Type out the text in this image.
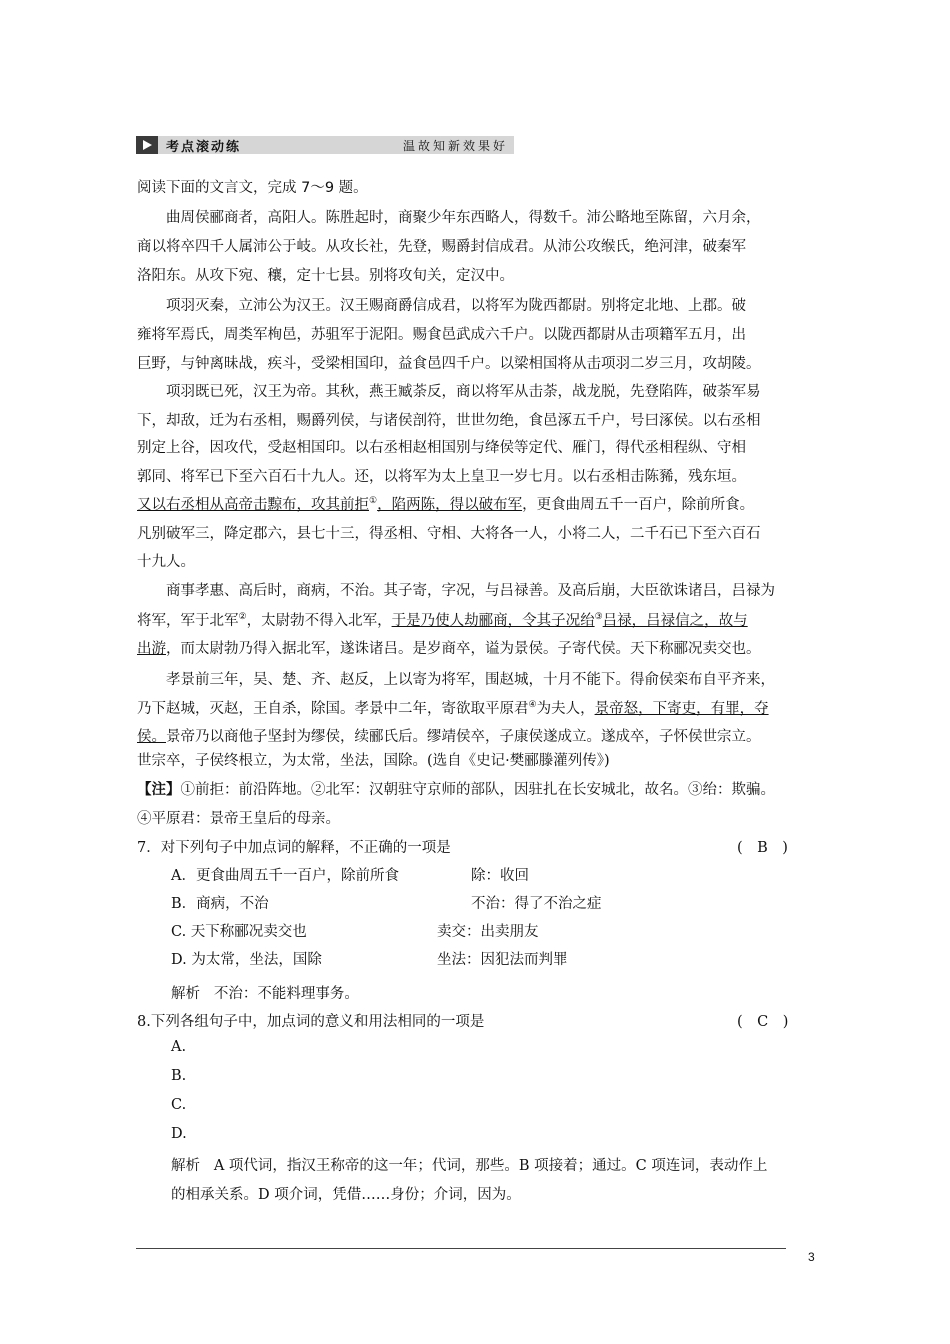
考点滚动练	温故知新效果好
阅读下面的文言文，完成 7～9 题。
　　曲周侯郦商者，高阳人。陈胜起时，商聚少年东西略人，得数千。沛公略地至陈留，六月余，
商以将卒四千人属沛公于岐。从攻长社，先登，赐爵封信成君。从沛公攻缑氏，绝河津，破秦军
洛阳东。从攻下宛、穰，定十七县。别将攻旬关，定汉中。
　　项羽灭秦，立沛公为汉王。汉王赐商爵信成君，以将军为陇西都尉。别将定北地、上郡。破
雍将军焉氏，周类军栒邑，苏驵军于泥阳。赐食邑武成六千户。以陇西都尉从击项籍军五月，出
巨野，与钟离昧战，疾斗，受梁相国印，益食邑四千户。以梁相国将从击项羽二岁三月，攻胡陵。
　　项羽既已死，汉王为帝。其秋，燕王臧荼反，商以将军从击荼，战龙脱，先登陷阵，破荼军易
下，却敌，迁为右丞相，赐爵列侯，与诸侯剖符，世世勿绝，食邑涿五千户，号曰涿侯。以右丞相
别定上谷，因攻代，受赵相国印。以右丞相赵相国别与绛侯等定代、雁门，得代丞相程纵、守相
郭同、将军已下至六百石十九人。还，以将军为太上皇卫一岁七月。以右丞相击陈豨，残东垣。
又以右丞相从高帝击黥布，攻其前拒①，陷两陈，得以破布军，更食曲周五千一百户，除前所食。
凡别破军三，降定郡六，县七十三，得丞相、守相、大将各一人，小将二人，二千石已下至六百石
十九人。
　　商事孝惠、高后时，商病，不治。其子寄，字况，与吕禄善。及高后崩，大臣欲诛诸吕，吕禄为
将军，军于北军②，太尉勃不得入北军，于是乃使人劫郦商，令其子况绐③吕禄，吕禄信之，故与
出游，而太尉勃乃得入据北军，遂诛诸吕。是岁商卒，谥为景侯。子寄代侯。天下称郦况卖交也。
　　孝景前三年，吴、楚、齐、赵反，上以寄为将军，围赵城，十月不能下。得俞侯栾布自平齐来，
乃下赵城，灭赵，王自杀，除国。孝景中二年，寄欲取平原君④为夫人，景帝怒，下寄吏，有罪，夺
侯。景帝乃以商他子坚封为缪侯，续郦氏后。缪靖侯卒，子康侯遂成立。遂成卒，子怀侯世宗立。
世宗卒，子侯终根立，为太常，坐法，国除。(选自《史记·樊郦滕灌列传》)
【注】①前拒：前沿阵地。②北军：汉朝驻守京师的部队，因驻扎在长安城北，故名。③绐：欺骗。
④平原君：景帝王皇后的母亲。
7．对下列句子中加点词的解释，不正确的一项是	(　B　)
A．更食曲周五千一百户，除前所食	除：收回
B．商病，不治	不治：得了不治之症
C. 天下称郦况卖交也	卖交：出卖朋友
D. 为太常，坐法，国除	坐法：因犯法而判罪
解析 不治：不能料理事务。
8.下列各组句子中，加点词的意义和用法相同的一项是	(　C　)
A.
B.
C.
D.
解析 A 项代词，指汉王称帝的这一年；代词，那些。B 项接着；通过。C 项连词，表动作上
的相承关系。D 项介词，凭借……身份；介词，因为。
3
